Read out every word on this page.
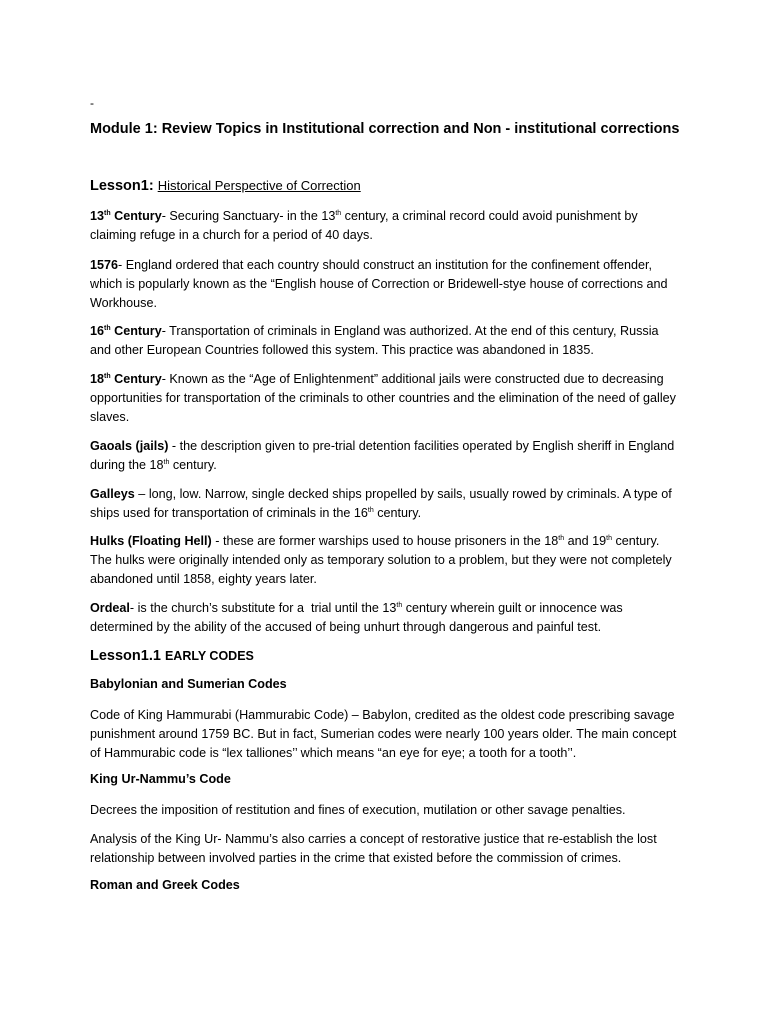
-
Module 1: Review Topics in Institutional correction and Non - institutional corrections
Lesson1: Historical Perspective of Correction

13th Century- Securing Sanctuary- in the 13th century, a criminal record could avoid punishment by claiming refuge in a church for a period of 40 days.

1576- England ordered that each country should construct an institution for the confinement offender, which is popularly known as the “English house of Correction or Bridewell-stye house of corrections and Workhouse.

16th Century- Transportation of criminals in England was authorized. At the end of this century, Russia and other European Countries followed this system. This practice was abandoned in 1835.

18th Century- Known as the “Age of Enlightenment” additional jails were constructed due to decreasing opportunities for transportation of the criminals to other countries and the elimination of the need of galley slaves.

Gaoals (jails) - the description given to pre-trial detention facilities operated by English sheriff in England during the 18th century.

Galleys – long, low. Narrow, single decked ships propelled by sails, usually rowed by criminals. A type of ships used for transportation of criminals in the 16th century.

Hulks (Floating Hell) - these are former warships used to house prisoners in the 18th and 19th century. The hulks were originally intended only as temporary solution to a problem, but they were not completely abandoned until 1858, eighty years later.

Ordeal- is the church’s substitute for a  trial until the 13th century wherein guilt or innocence was determined by the ability of the accused of being unhurt through dangerous and painful test.

Lesson1.1 EARLY CODES
Babylonian and Sumerian Codes

Code of King Hammurabi (Hammurabic Code) – Babylon, credited as the oldest code prescribing savage punishment around 1759 BC. But in fact, Sumerian codes were nearly 100 years older. The main concept of Hammurabic code is “lex talliones’’ which means “an eye for eye; a tooth for a tooth’’.

King Ur-Nammu’s Code

Decrees the imposition of restitution and fines of execution, mutilation or other savage penalties.

Analysis of the King Ur- Nammu’s also carries a concept of restorative justice that re-establish the lost relationship between involved parties in the crime that existed before the commission of crimes.

Roman and Greek Codes
